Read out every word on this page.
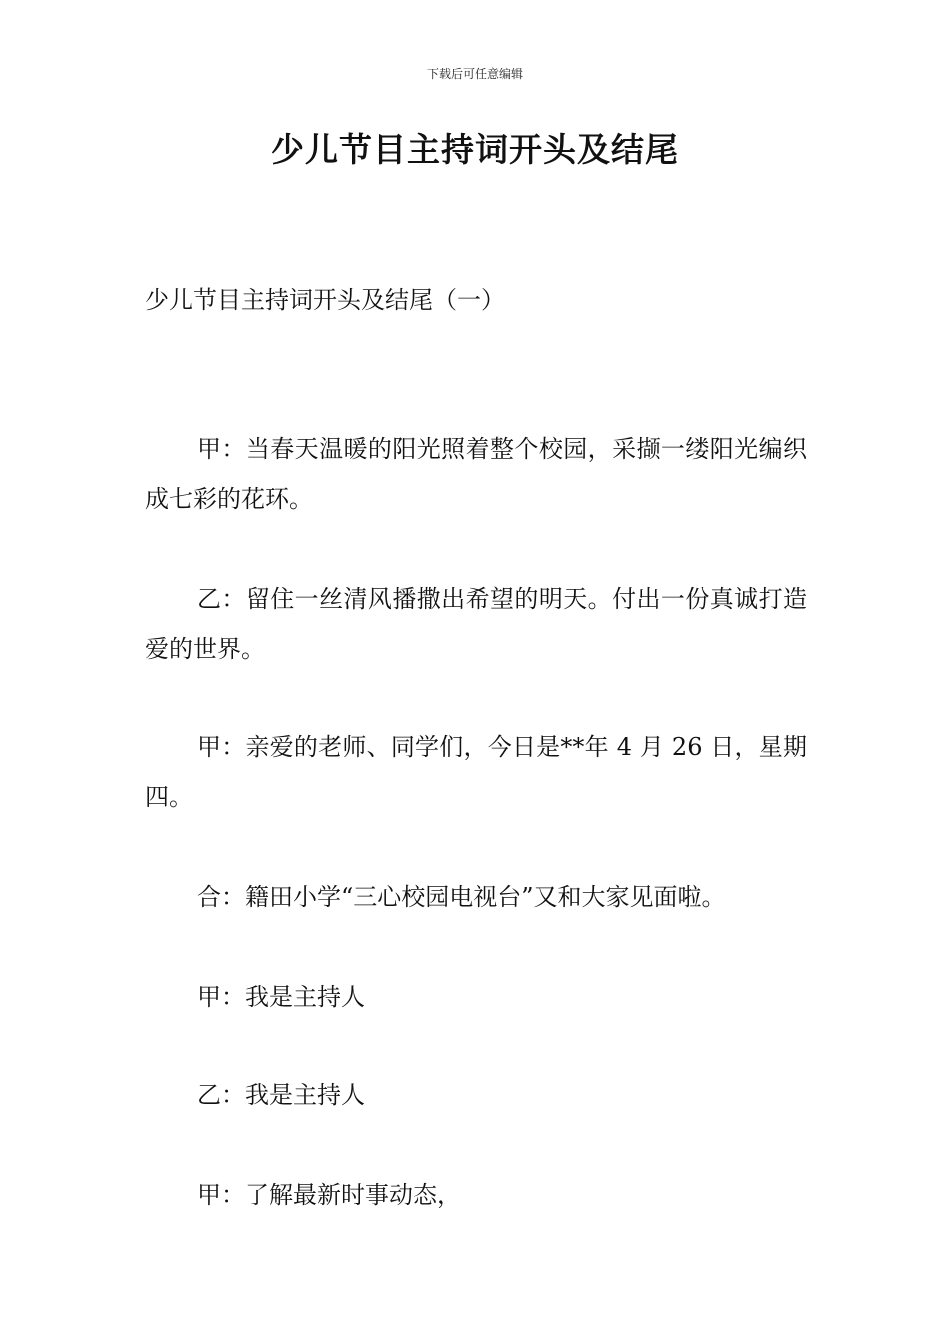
下载后可任意编辑
少儿节目主持词开头及结尾
少儿节目主持词开头及结尾（一）

甲：当春天温暖的阳光照着整个校园，采撷一缕阳光编织成七彩的花环。

乙：留住一丝清风播撒出希望的明天。付出一份真诚打造爱的世界。

甲：亲爱的老师、同学们，今日是**年 4 月 26 日，星期四。

合：籍田小学“三心校园电视台”又和大家见面啦。

甲：我是主持人

乙：我是主持人

甲：了解最新时事动态，
